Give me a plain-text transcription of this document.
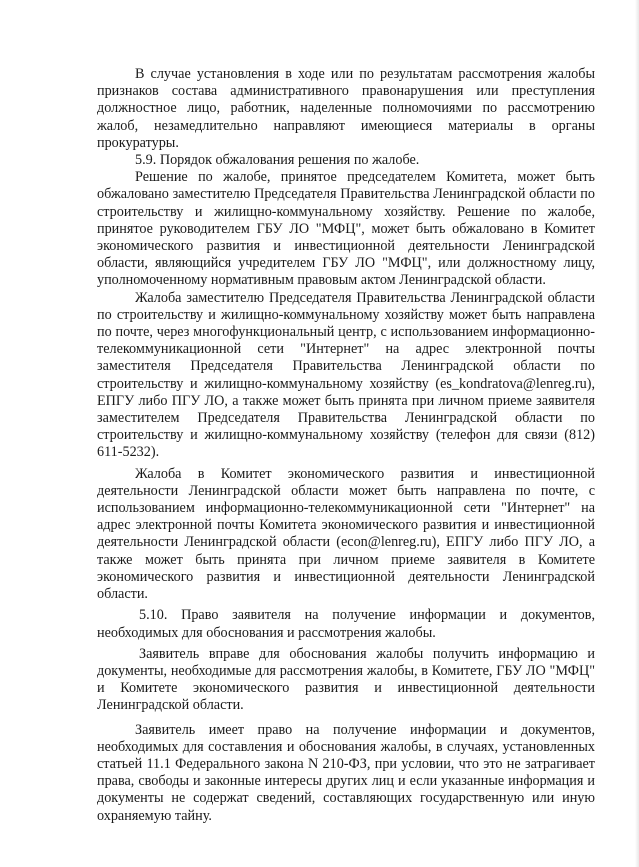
В случае установления в ходе или по результатам рассмотрения жалобы признаков состава административного правонарушения или преступления должностное лицо, работник, наделенные полномочиями по рассмотрению жалоб, незамедлительно направляют имеющиеся материалы в органы прокуратуры.

5.9. Порядок обжалования решения по жалобе.

Решение по жалобе, принятое председателем Комитета, может быть обжаловано заместителю Председателя Правительства Ленинградской области по строительству и жилищно-коммунальному хозяйству. Решение по жалобе, принятое руководителем ГБУ ЛО "МФЦ", может быть обжаловано в Комитет экономического развития и инвестиционной деятельности Ленинградской области, являющийся учредителем ГБУ ЛО "МФЦ", или должностному лицу, уполномоченному нормативным правовым актом Ленинградской области.

Жалоба заместителю Председателя Правительства Ленинградской области по строительству и жилищно-коммунальному хозяйству может быть направлена по почте, через многофункциональный центр, с использованием информационно-телекоммуникационной сети "Интернет" на адрес электронной почты заместителя Председателя Правительства Ленинградской области по строительству и жилищно-коммунальному хозяйству (es_kondratova@lenreg.ru), ЕПГУ либо ПГУ ЛО, а также может быть принята при личном приеме заявителя заместителем Председателя Правительства Ленинградской области по строительству и жилищно-коммунальному хозяйству (телефон для связи (812) 611-5232).

Жалоба в Комитет экономического развития и инвестиционной деятельности Ленинградской области может быть направлена по почте, с использованием информационно-телекоммуникационной сети "Интернет" на адрес электронной почты Комитета экономического развития и инвестиционной деятельности Ленинградской области (econ@lenreg.ru), ЕПГУ либо ПГУ ЛО, а также может быть принята при личном приеме заявителя в Комитете экономического развития и инвестиционной деятельности Ленинградской области.

5.10. Право заявителя на получение информации и документов, необходимых для обоснования и рассмотрения жалобы.

Заявитель вправе для обоснования жалобы получить информацию и документы, необходимые для рассмотрения жалобы, в Комитете, ГБУ ЛО "МФЦ" и Комитете экономического развития и инвестиционной деятельности Ленинградской области.

Заявитель имеет право на получение информации и документов, необходимых для составления и обоснования жалобы, в случаях, установленных статьей 11.1 Федерального закона N 210-ФЗ, при условии, что это не затрагивает права, свободы и законные интересы других лиц и если указанные информация и документы не содержат сведений, составляющих государственную или иную охраняемую тайну.
